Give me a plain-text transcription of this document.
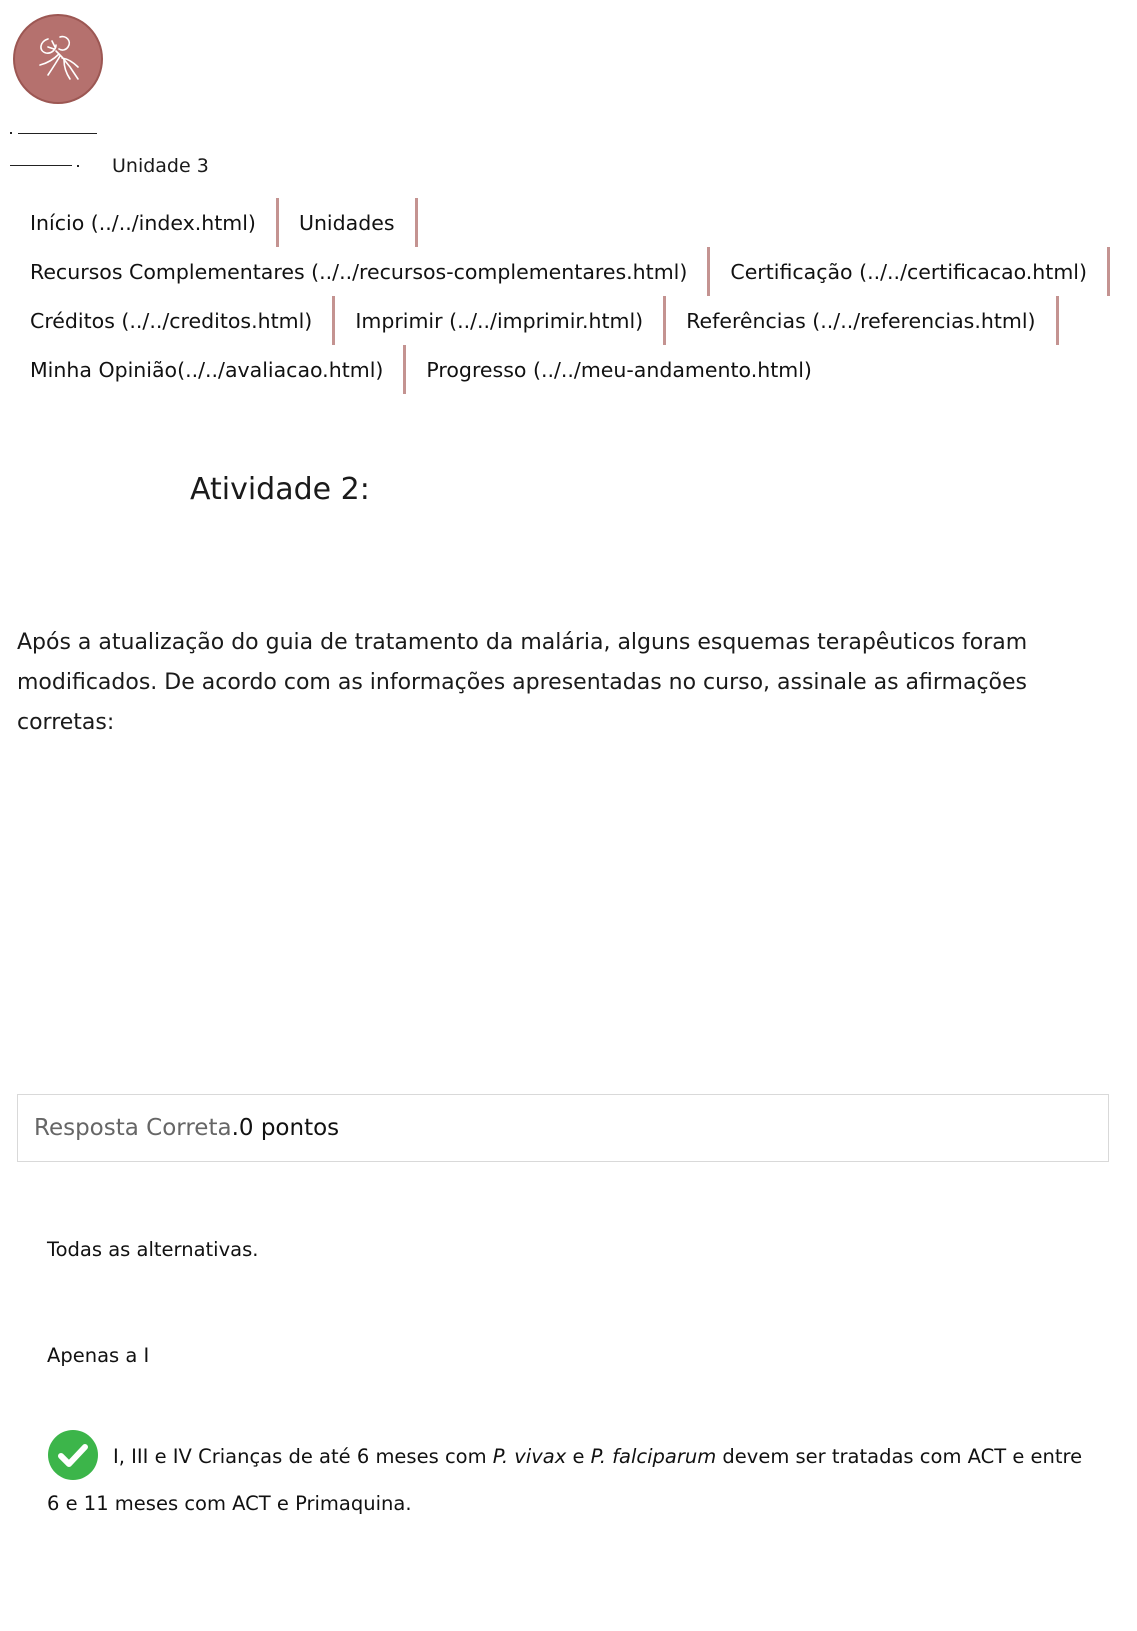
Unidade 3
Início (../../index.html)	Unidades
Recursos Complementares (../../recursos-complementares.html)	Certificação (../../certificacao.html)
Créditos (../../creditos.html)	Imprimir (../../imprimir.html)	Referências (../../referencias.html)
Minha Opinião(../../avaliacao.html)	Progresso (../../meu-andamento.html)
Atividade 2:

Após a atualização do guia de tratamento da malária, alguns esquemas terapêuticos foram modificados. De acordo com as informações apresentadas no curso, assinale as afirmações corretas:

Resposta Correta . 0 pontos
Todas as alternativas.
Apenas a I
I, III e IV Crianças de até 6 meses com P. vivax e P. falciparum devem ser tratadas com ACT e entre 6 e 11 meses com ACT e Primaquina.
